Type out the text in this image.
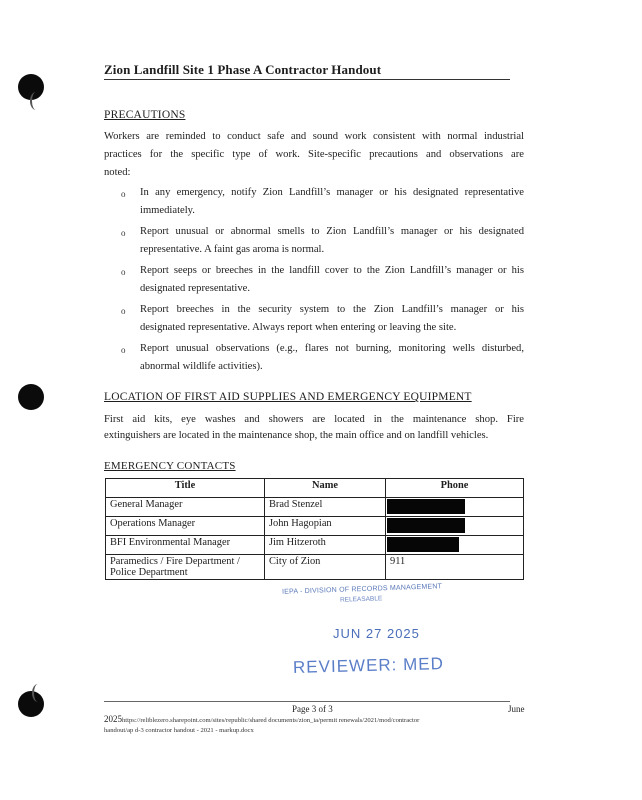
Zion Landfill Site 1 Phase A Contractor Handout
PRECAUTIONS
Workers are reminded to conduct safe and sound work consistent with normal industrial
practices for the specific type of work. Site-specific precautions and observations are
noted:
o In any emergency, notify Zion Landfill’s manager or his designated representative
immediately.
o Report unusual or abnormal smells to Zion Landfill’s manager or his designated
representative. A faint gas aroma is normal.
o Report seeps or breeches in the landfill cover to the Zion Landfill’s manager or his
designated representative.
o Report breeches in the security system to the Zion Landfill’s manager or his
designated representative. Always report when entering or leaving the site.
o Report unusual observations (e.g., flares not burning, monitoring wells disturbed,
abnormal wildlife activities).
LOCATION OF FIRST AID SUPPLIES AND EMERGENCY EQUIPMENT
First aid kits, eye washes and showers are located in the maintenance shop. Fire
extinguishers are located in the maintenance shop, the main office and on landfill vehicles.
EMERGENCY CONTACTS
Title	Name	Phone
General Manager	Brad Stenzel	
Operations Manager	John Hagopian	
BFI Environmental Manager	Jim Hitzeroth	

Paramedics / Fire Department /
Police Department	City of Zion	911
IEPA - DIVISION OF RECORDS MANAGEMENT
RELEASABLE
JUN 27 2025
REVIEWER: MED
Page 3 of 3	June
2025https://reliblezero.sharepoint.com/sites/republic/shared documents/zion_ia/permit renewals/2021/mod/contractor
handout/ap d-3 contractor handout - 2021 - markup.docx
